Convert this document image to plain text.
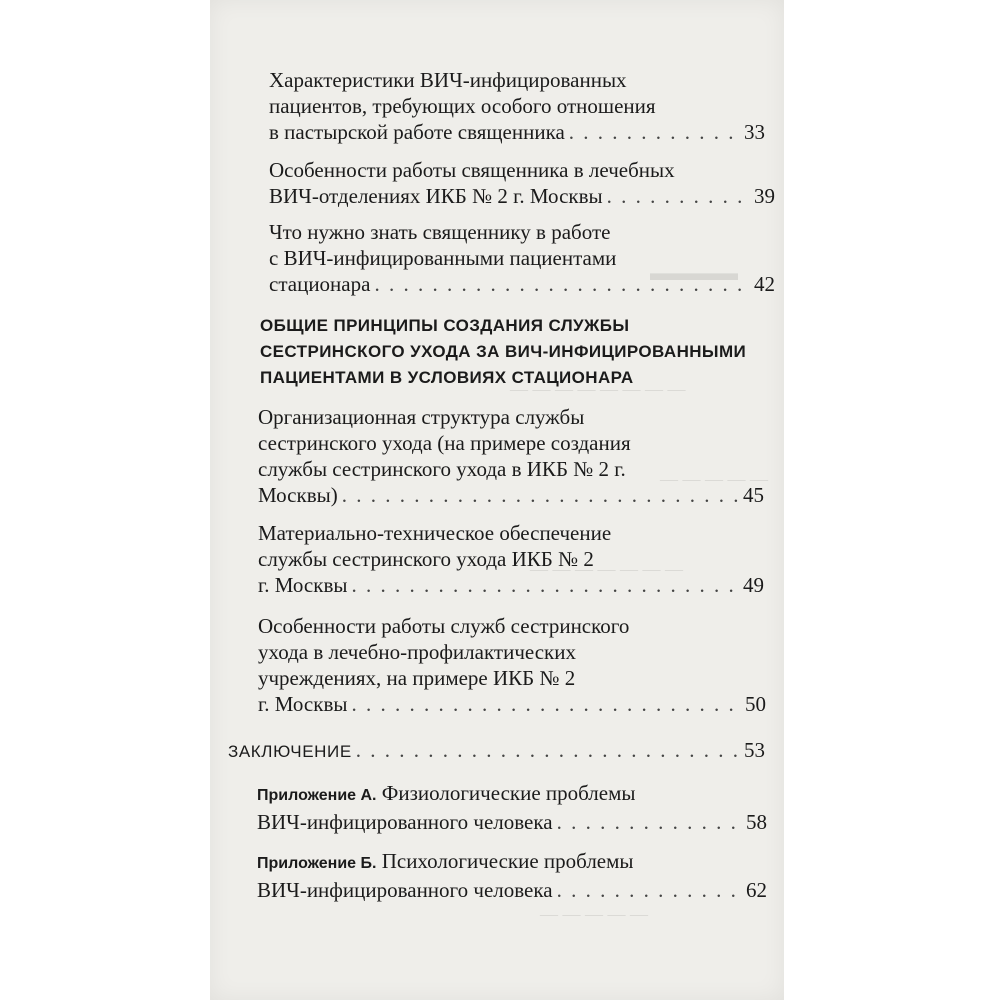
▬▬▬▬
— — — — — — — —
— — — — —
— — — — — — —
— — — — —
Характеристики ВИЧ-инфицированных
пациентов, требующих особого отношения
в пастырской работе священника . . .	33
Особенности работы священника в лечебных
ВИЧ-отделениях ИКБ № 2 г. Москвы . . .	39
Что нужно знать священнику в работе
с ВИЧ-инфицированными пациентами
стационара . . .	42
ОБЩИЕ ПРИНЦИПЫ СОЗДАНИЯ СЛУЖБЫ
СЕСТРИНСКОГО УХОДА ЗА ВИЧ-ИНФИЦИРОВАННЫМИ
ПАЦИЕНТАМИ В УСЛОВИЯХ СТАЦИОНАРА
Организационная структура службы
сестринского ухода (на примере создания
службы сестринского ухода в ИКБ № 2 г.
Москвы) . . .	45
Материально-техническое обеспечение
службы сестринского ухода ИКБ № 2
г. Москвы . . .	49
Особенности работы служб сестринского
ухода в лечебно-профилактических
учреждениях, на примере ИКБ № 2
г. Москвы . . .	50
ЗАКЛЮЧЕНИЕ . . .	53
Приложение А. Физиологические проблемы
ВИЧ-инфицированного человека . . .	58
Приложение Б. Психологические проблемы
ВИЧ-инфицированного человека . . .	62
